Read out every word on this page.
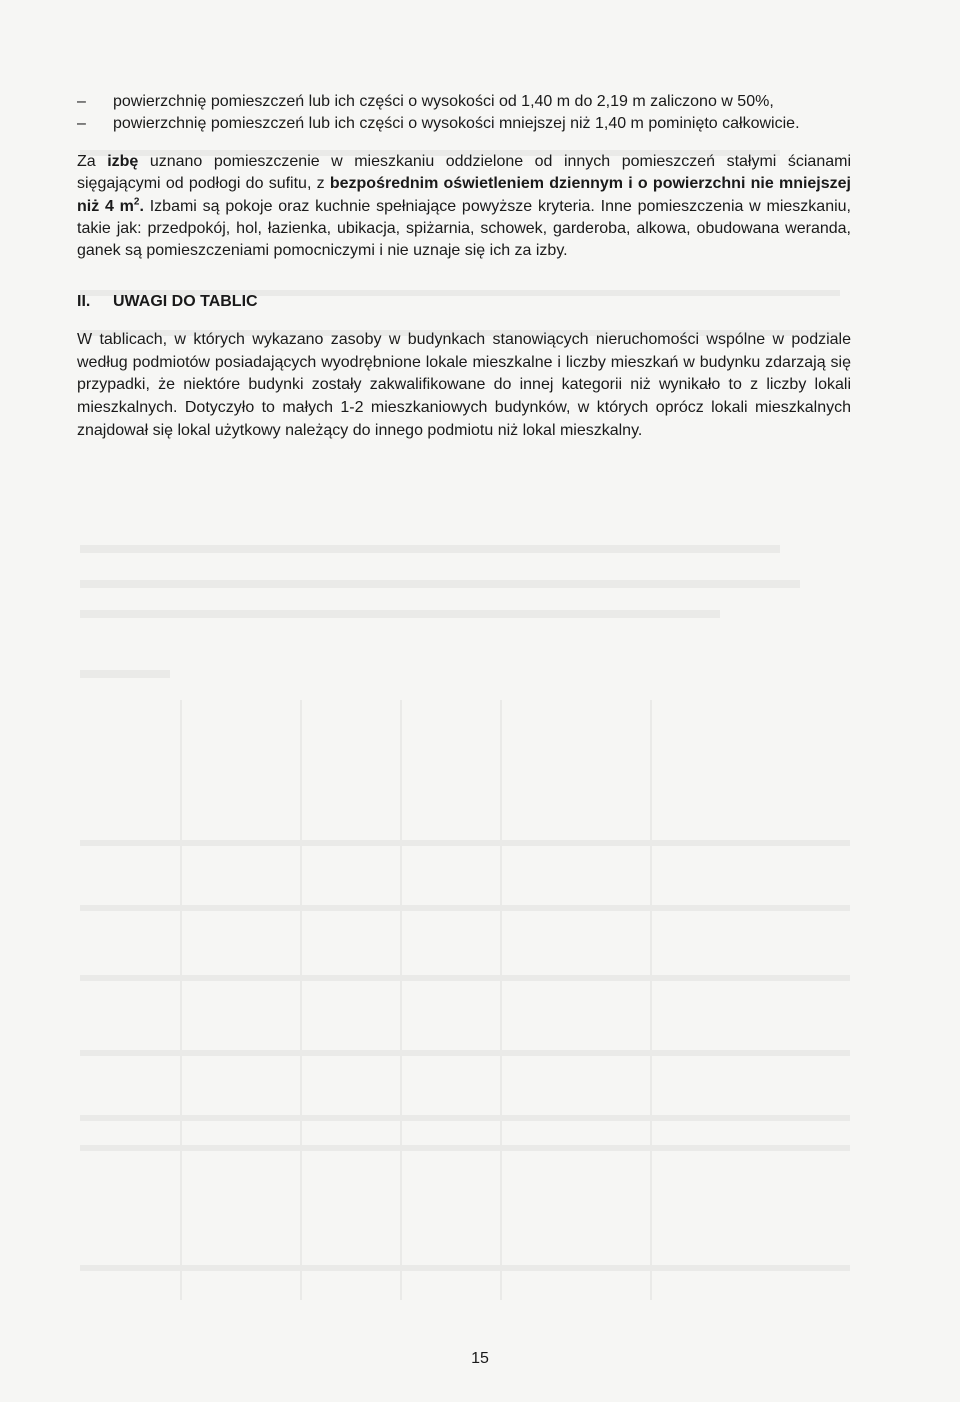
– powierzchnię pomieszczeń lub ich części o wysokości od 1,40 m do 2,19 m zaliczono w 50%,

– powierzchnię pomieszczeń lub ich części o wysokości mniejszej niż 1,40 m pominięto całkowicie.

Za izbę uznano pomieszczenie w mieszkaniu oddzielone od innych pomieszczeń stałymi ścianami sięgającymi od podłogi do sufitu, z bezpośrednim oświetleniem dziennym i o powierzchni nie mniejszej niż 4 $m^2$. Izbami są pokoje oraz kuchnie spełniające powyższe kryteria. Inne pomieszczenia w mieszkaniu, takie jak: przedpokój, hol, łazienka, ubikacja, spiżarnia, schowek, garderoba, alkowa, obudowana weranda, ganek są pomieszczeniami pomocniczymi i nie uznaje się ich za izby.

II. UWAGI DO TABLIC

W tablicach, w których wykazano zasoby w budynkach stanowiących nieruchomości wspólne w podziale według podmiotów posiadających wyodrębnione lokale mieszkalne i liczby mieszkań w budynku zdarzają się przypadki, że niektóre budynki zostały zakwalifikowane do innej kategorii niż wynikało to z liczby lokali mieszkalnych. Dotyczyło to małych 1-2 mieszkaniowych budynków, w których oprócz lokali mieszkalnych znajdował się lokal użytkowy należący do innego podmiotu niż lokal mieszkalny.

15
